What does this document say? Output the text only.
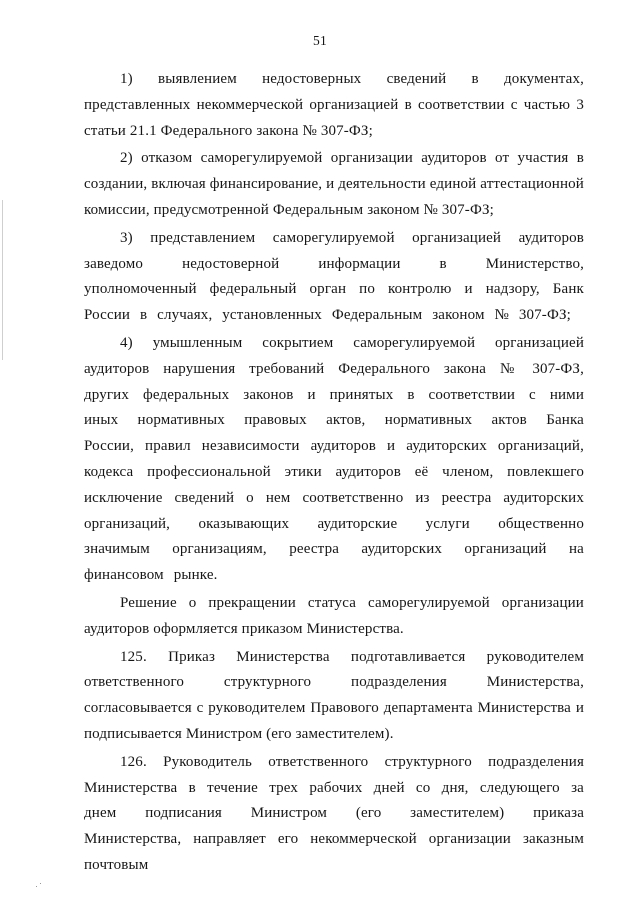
51

1) выявлением недостоверных сведений в документах, представленных некоммерческой организацией в соответствии с частью 3 статьи 21.1 Федерального закона № 307-ФЗ;

2) отказом саморегулируемой организации аудиторов от участия в создании, включая финансирование, и деятельности единой аттестационной комиссии, предусмотренной Федеральным законом № 307-ФЗ;

3) представлением саморегулируемой организацией аудиторов заведомо недостоверной информации в Министерство, уполномоченный федеральный орган по контролю и надзору, Банк России в случаях, установленных Федеральным законом № 307-ФЗ;

4) умышленным сокрытием саморегулируемой организацией аудиторов нарушения требований Федерального закона № 307-ФЗ, других федеральных законов и принятых в соответствии с ними иных нормативных правовых актов, нормативных актов Банка России, правил независимости аудиторов и аудиторских организаций, кодекса профессиональной этики аудиторов её членом, повлекшего исключение сведений о нем соответственно из реестра аудиторских организаций, оказывающих аудиторские услуги общественно значимым организациям, реестра аудиторских организаций на финансовом рынке.

Решение о прекращении статуса саморегулируемой организации аудиторов оформляется приказом Министерства.

125. Приказ Министерства подготавливается руководителем ответственного структурного подразделения Министерства, согласовывается с руководителем Правового департамента Министерства и подписывается Министром (его заместителем).

126. Руководитель ответственного структурного подразделения Министерства в течение трех рабочих дней со дня, следующего за днем подписания Министром (его заместителем) приказа Министерства, направляет его некоммерческой организации заказным почтовым
